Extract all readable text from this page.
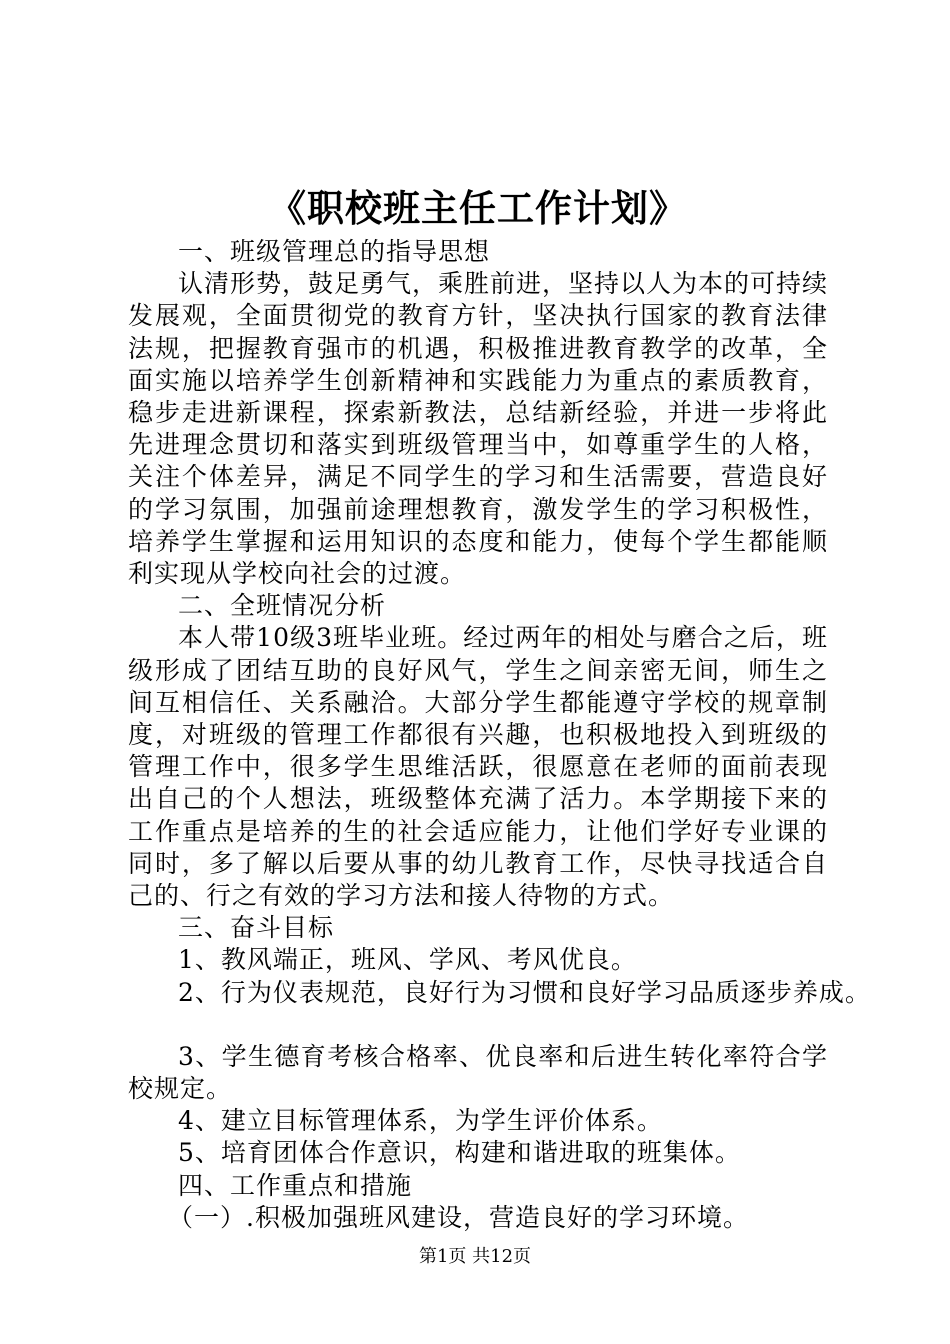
《职校班主任工作计划》

一、班级管理总的指导思想

认清形势，鼓足勇气，乘胜前进，坚持以人为本的可持续发展观，全面贯彻党的教育方针，坚决执行国家的教育法律法规，把握教育强市的机遇，积极推进教育教学的改革，全面实施以培养学生创新精神和实践能力为重点的素质教育，稳步走进新课程，探索新教法，总结新经验，并进一步将此先进理念贯切和落实到班级管理当中，如尊重学生的人格，关注个体差异，满足不同学生的学习和生活需要，营造良好的学习氛围，加强前途理想教育，激发学生的学习积极性，培养学生掌握和运用知识的态度和能力，使每个学生都能顺利实现从学校向社会的过渡。

二、全班情况分析

本人带10级3班毕业班。经过两年的相处与磨合之后，班级形成了团结互助的良好风气，学生之间亲密无间，师生之间互相信任、关系融洽。大部分学生都能遵守学校的规章制度，对班级的管理工作都很有兴趣，也积极地投入到班级的管理工作中，很多学生思维活跃，很愿意在老师的面前表现出自己的个人想法，班级整体充满了活力。本学期接下来的工作重点是培养的生的社会适应能力，让他们学好专业课的同时，多了解以后要从事的幼儿教育工作，尽快寻找适合自己的、行之有效的学习方法和接人待物的方式。

三、奋斗目标

1、教风端正，班风、学风、考风优良。

2、行为仪表规范，良好行为习惯和良好学习品质逐步养成。

3、学生德育考核合格率、优良率和后进生转化率符合学校规定。

4、建立目标管理体系，为学生评价体系。

5、培育团体合作意识，构建和谐进取的班集体。

四、工作重点和措施

（一）.积极加强班风建设，营造良好的学习环境。

第1页 共12页
